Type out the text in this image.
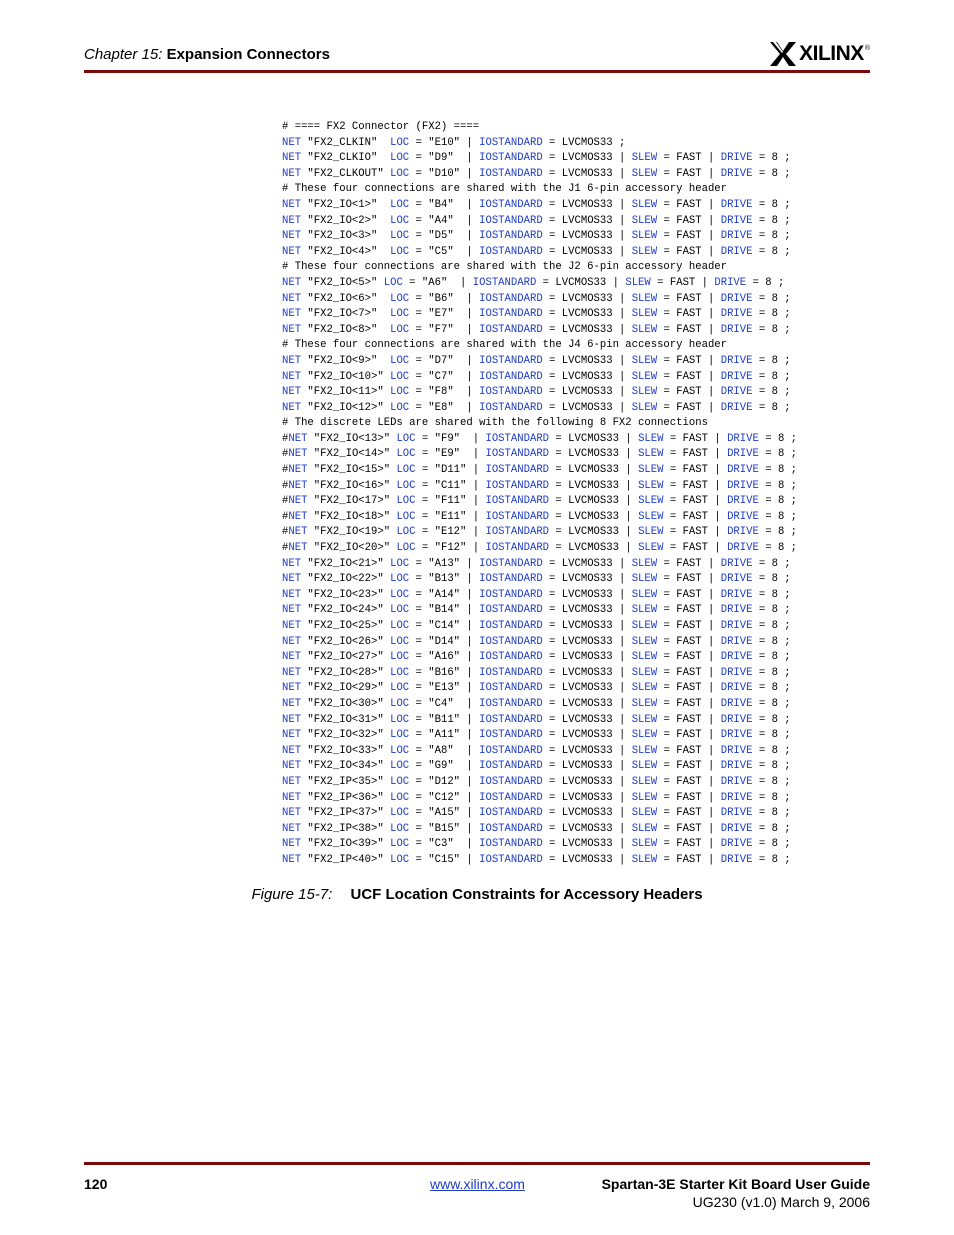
Chapter 15: Expansion Connectors	XILINX ®
# ==== FX2 Connector (FX2) ====
NET "FX2_CLKIN"  LOC = "E10" | IOSTANDARD = LVCMOS33 ;
NET "FX2_CLKIO"  LOC = "D9"  | IOSTANDARD = LVCMOS33 | SLEW = FAST | DRIVE = 8 ;
NET "FX2_CLKOUT" LOC = "D10" | IOSTANDARD = LVCMOS33 | SLEW = FAST | DRIVE = 8 ;
# These four connections are shared with the J1 6-pin accessory header
NET "FX2_IO<1>"  LOC = "B4"  | IOSTANDARD = LVCMOS33 | SLEW = FAST | DRIVE = 8 ;
NET "FX2_IO<2>"  LOC = "A4"  | IOSTANDARD = LVCMOS33 | SLEW = FAST | DRIVE = 8 ;
NET "FX2_IO<3>"  LOC = "D5"  | IOSTANDARD = LVCMOS33 | SLEW = FAST | DRIVE = 8 ;
NET "FX2_IO<4>"  LOC = "C5"  | IOSTANDARD = LVCMOS33 | SLEW = FAST | DRIVE = 8 ;
# These four connections are shared with the J2 6-pin accessory header
NET "FX2_IO<5>" LOC = "A6"  | IOSTANDARD = LVCMOS33 | SLEW = FAST | DRIVE = 8 ;
NET "FX2_IO<6>"  LOC = "B6"  | IOSTANDARD = LVCMOS33 | SLEW = FAST | DRIVE = 8 ;
NET "FX2_IO<7>"  LOC = "E7"  | IOSTANDARD = LVCMOS33 | SLEW = FAST | DRIVE = 8 ;
NET "FX2_IO<8>"  LOC = "F7"  | IOSTANDARD = LVCMOS33 | SLEW = FAST | DRIVE = 8 ;
# These four connections are shared with the J4 6-pin accessory header
NET "FX2_IO<9>"  LOC = "D7"  | IOSTANDARD = LVCMOS33 | SLEW = FAST | DRIVE = 8 ;
NET "FX2_IO<10>" LOC = "C7"  | IOSTANDARD = LVCMOS33 | SLEW = FAST | DRIVE = 8 ;
NET "FX2_IO<11>" LOC = "F8"  | IOSTANDARD = LVCMOS33 | SLEW = FAST | DRIVE = 8 ;
NET "FX2_IO<12>" LOC = "E8"  | IOSTANDARD = LVCMOS33 | SLEW = FAST | DRIVE = 8 ;
# The discrete LEDs are shared with the following 8 FX2 connections
#NET "FX2_IO<13>" LOC = "F9"  | IOSTANDARD = LVCMOS33 | SLEW = FAST | DRIVE = 8 ;
#NET "FX2_IO<14>" LOC = "E9"  | IOSTANDARD = LVCMOS33 | SLEW = FAST | DRIVE = 8 ;
#NET "FX2_IO<15>" LOC = "D11" | IOSTANDARD = LVCMOS33 | SLEW = FAST | DRIVE = 8 ;
#NET "FX2_IO<16>" LOC = "C11" | IOSTANDARD = LVCMOS33 | SLEW = FAST | DRIVE = 8 ;
#NET "FX2_IO<17>" LOC = "F11" | IOSTANDARD = LVCMOS33 | SLEW = FAST | DRIVE = 8 ;
#NET "FX2_IO<18>" LOC = "E11" | IOSTANDARD = LVCMOS33 | SLEW = FAST | DRIVE = 8 ;
#NET "FX2_IO<19>" LOC = "E12" | IOSTANDARD = LVCMOS33 | SLEW = FAST | DRIVE = 8 ;
#NET "FX2_IO<20>" LOC = "F12" | IOSTANDARD = LVCMOS33 | SLEW = FAST | DRIVE = 8 ;
NET "FX2_IO<21>" LOC = "A13" | IOSTANDARD = LVCMOS33 | SLEW = FAST | DRIVE = 8 ;
NET "FX2_IO<22>" LOC = "B13" | IOSTANDARD = LVCMOS33 | SLEW = FAST | DRIVE = 8 ;
NET "FX2_IO<23>" LOC = "A14" | IOSTANDARD = LVCMOS33 | SLEW = FAST | DRIVE = 8 ;
NET "FX2_IO<24>" LOC = "B14" | IOSTANDARD = LVCMOS33 | SLEW = FAST | DRIVE = 8 ;
NET "FX2_IO<25>" LOC = "C14" | IOSTANDARD = LVCMOS33 | SLEW = FAST | DRIVE = 8 ;
NET "FX2_IO<26>" LOC = "D14" | IOSTANDARD = LVCMOS33 | SLEW = FAST | DRIVE = 8 ;
NET "FX2_IO<27>" LOC = "A16" | IOSTANDARD = LVCMOS33 | SLEW = FAST | DRIVE = 8 ;
NET "FX2_IO<28>" LOC = "B16" | IOSTANDARD = LVCMOS33 | SLEW = FAST | DRIVE = 8 ;
NET "FX2_IO<29>" LOC = "E13" | IOSTANDARD = LVCMOS33 | SLEW = FAST | DRIVE = 8 ;
NET "FX2_IO<30>" LOC = "C4"  | IOSTANDARD = LVCMOS33 | SLEW = FAST | DRIVE = 8 ;
NET "FX2_IO<31>" LOC = "B11" | IOSTANDARD = LVCMOS33 | SLEW = FAST | DRIVE = 8 ;
NET "FX2_IO<32>" LOC = "A11" | IOSTANDARD = LVCMOS33 | SLEW = FAST | DRIVE = 8 ;
NET "FX2_IO<33>" LOC = "A8"  | IOSTANDARD = LVCMOS33 | SLEW = FAST | DRIVE = 8 ;
NET "FX2_IO<34>" LOC = "G9"  | IOSTANDARD = LVCMOS33 | SLEW = FAST | DRIVE = 8 ;
NET "FX2_IP<35>" LOC = "D12" | IOSTANDARD = LVCMOS33 | SLEW = FAST | DRIVE = 8 ;
NET "FX2_IP<36>" LOC = "C12" | IOSTANDARD = LVCMOS33 | SLEW = FAST | DRIVE = 8 ;
NET "FX2_IP<37>" LOC = "A15" | IOSTANDARD = LVCMOS33 | SLEW = FAST | DRIVE = 8 ;
NET "FX2_IP<38>" LOC = "B15" | IOSTANDARD = LVCMOS33 | SLEW = FAST | DRIVE = 8 ;
NET "FX2_IO<39>" LOC = "C3"  | IOSTANDARD = LVCMOS33 | SLEW = FAST | DRIVE = 8 ;
NET "FX2_IP<40>" LOC = "C15" | IOSTANDARD = LVCMOS33 | SLEW = FAST | DRIVE = 8 ;

Figure 15-7: UCF Location Constraints for Accessory Headers
120	www.xilinx.com	Spartan-3E Starter Kit Board User Guide
UG230 (v1.0) March 9, 2006
